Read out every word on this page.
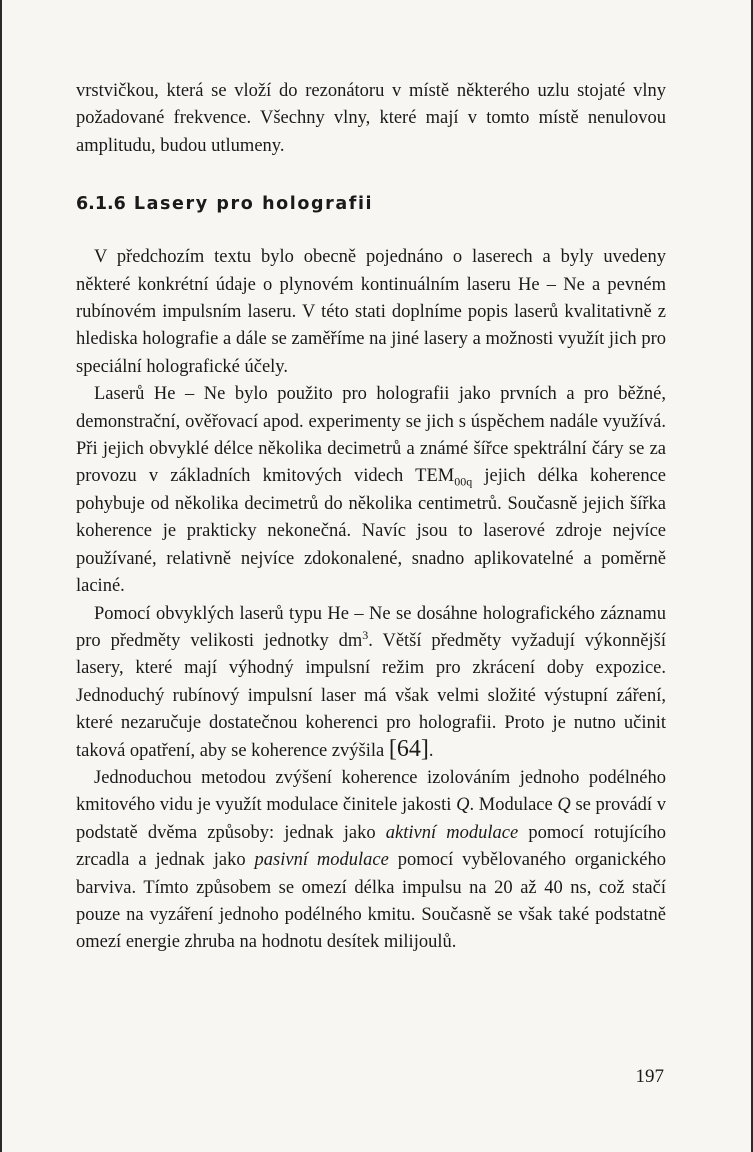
vrstvičkou, která se vloží do rezonátoru v místě některého uzlu stojaté vlny požadované frekvence. Všechny vlny, které mají v tomto místě nenulovou amplitudu, budou utlumeny.

6.1.6 Lasery pro holografii

V předchozím textu bylo obecně pojednáno o laserech a byly uvedeny některé konkrétní údaje o plynovém kontinuálním laseru He – Ne a pevném rubínovém impulsním laseru. V této stati doplníme popis laserů kvalitativně z hlediska holografie a dále se zaměříme na jiné lasery a možnosti využít jich pro speciální holografické účely.

Laserů He – Ne bylo použito pro holografii jako prvních a pro běžné, demonstrační, ověřovací apod. experimenty se jich s úspěchem nadále využívá. Při jejich obvyklé délce několika decimetrů a známé šířce spektrální čáry se za provozu v základních kmitových videch $TEM_{00q}$ jejich délka koherence pohybuje od několika decimetrů do několika centimetrů. Současně jejich šířka koherence je prakticky nekonečná. Navíc jsou to laserové zdroje nejvíce používané, relativně nejvíce zdokonalené, snadno aplikovatelné a poměrně laciné.

Pomocí obvyklých laserů typu He – Ne se dosáhne holografického záznamu pro předměty velikosti jednotky $dm^3$. Větší předměty vyžadují výkonnější lasery, které mají výhodný impulsní režim pro zkrácení doby expozice. Jednoduchý rubínový impulsní laser má však velmi složité výstupní záření, které nezaručuje dostatečnou koherenci pro holografii. Proto je nutno učinit taková opatření, aby se koherence zvýšila [64].

Jednoduchou metodou zvýšení koherence izolováním jednoho podélného kmitového vidu je využít modulace činitele jakosti Q. Modulace Q se provádí v podstatě dvěma způsoby: jednak jako aktivní modulace pomocí rotujícího zrcadla a jednak jako pasivní modulace pomocí vybělovaného organického barviva. Tímto způsobem se omezí délka impulsu na 20 až 40 ns, což stačí pouze na vyzáření jednoho podélného kmitu. Současně se však také podstatně omezí energie zhruba na hodnotu desítek milijoulů.

197
